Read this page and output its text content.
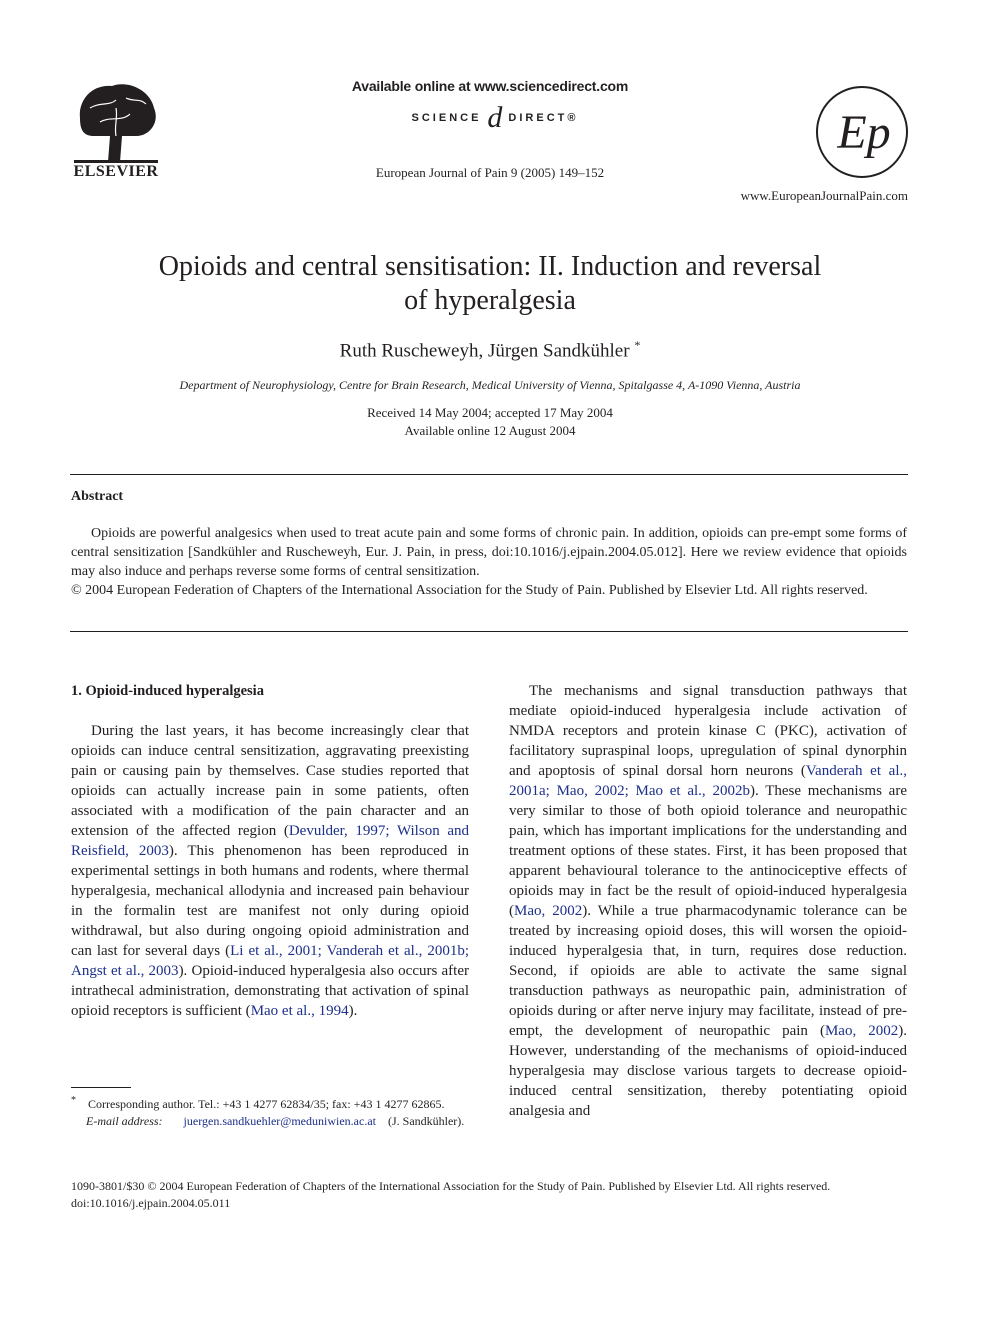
ELSEVIER
Available online at www.sciencedirect.com
SCIENCE d DIRECT®
European Journal of Pain 9 (2005) 149–152
Ep
www.EuropeanJournalPain.com
Opioids and central sensitisation: II. Induction and reversal
of hyperalgesia
Ruth Ruscheweyh, Jürgen Sandkühler *
Department of Neurophysiology, Centre for Brain Research, Medical University of Vienna, Spitalgasse 4, A-1090 Vienna, Austria
Received 14 May 2004; accepted 17 May 2004
Available online 12 August 2004
Abstract

Opioids are powerful analgesics when used to treat acute pain and some forms of chronic pain. In addition, opioids can pre-empt some forms of central sensitization [Sandkühler and Ruscheweyh, Eur. J. Pain, in press, doi:10.1016/j.ejpain.2004.05.012]. Here we review evidence that opioids may also induce and perhaps reverse some forms of central sensitization.

© 2004 European Federation of Chapters of the International Association for the Study of Pain. Published by Elsevier Ltd. All rights reserved.

1. Opioid-induced hyperalgesia

During the last years, it has become increasingly clear that opioids can induce central sensitization, aggravating preexisting pain or causing pain by themselves. Case studies reported that opioids can actually increase pain in some patients, often associated with a modification of the pain character and an extension of the affected region (Devulder, 1997; Wilson and Reisfield, 2003). This phenomenon has been reproduced in experimental settings in both humans and rodents, where thermal hyperalgesia, mechanical allodynia and increased pain behaviour in the formalin test are manifest not only during opioid withdrawal, but also during ongoing opioid administration and can last for several days (Li et al., 2001; Vanderah et al., 2001b; Angst et al., 2003). Opioid-induced hyperalgesia also occurs after intrathecal administration, demonstrating that activation of spinal opioid receptors is sufficient (Mao et al., 1994).

The mechanisms and signal transduction pathways that mediate opioid-induced hyperalgesia include activation of NMDA receptors and protein kinase C (PKC), activation of facilitatory supraspinal loops, upregulation of spinal dynorphin and apoptosis of spinal dorsal horn neurons (Vanderah et al., 2001a; Mao, 2002; Mao et al., 2002b). These mechanisms are very similar to those of both opioid tolerance and neuropathic pain, which has important implications for the understanding and treatment options of these states. First, it has been proposed that apparent behavioural tolerance to the antinociceptive effects of opioids may in fact be the result of opioid-induced hyperalgesia (Mao, 2002). While a true pharmacodynamic tolerance can be treated by increasing opioid doses, this will worsen the opioid-induced hyperalgesia that, in turn, requires dose reduction. Second, if opioids are able to activate the same signal transduction pathways as neuropathic pain, administration of opioids during or after nerve injury may facilitate, instead of pre-empt, the development of neuropathic pain (Mao, 2002). However, understanding of the mechanisms of opioid-induced hyperalgesia may disclose various targets to decrease opioid-induced central sensitization, thereby potentiating opioid analgesia and

* Corresponding author. Tel.: +43 1 4277 62834/35; fax: +43 1 4277 62865.

E-mail address: juergen.sandkuehler@meduniwien.ac.at (J. Sandkühler).

1090-3801/$30 © 2004 European Federation of Chapters of the International Association for the Study of Pain. Published by Elsevier Ltd. All rights reserved.

doi:10.1016/j.ejpain.2004.05.011
